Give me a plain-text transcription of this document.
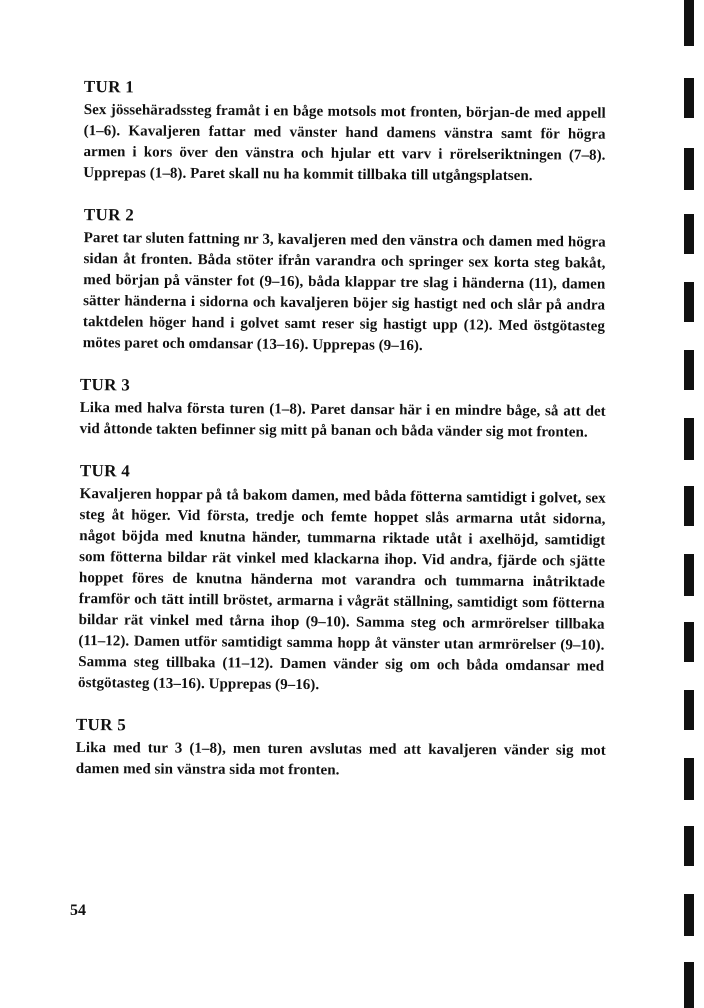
TUR 1

Sex jössehäradssteg framåt i en båge motsols mot fronten, början-de med appell (1–6). Kavaljeren fattar med vänster hand damens vänstra samt för högra armen i kors över den vänstra och hjular ett varv i rörelseriktningen (7–8). Upprepas (1–8). Paret skall nu ha kommit tillbaka till utgångsplatsen.

TUR 2

Paret tar sluten fattning nr 3, kavaljeren med den vänstra och damen med högra sidan åt fronten. Båda stöter ifrån varandra och springer sex korta steg bakåt, med början på vänster fot (9–16), båda klappar tre slag i händerna (11), damen sätter händerna i sidorna och kavaljeren böjer sig hastigt ned och slår på andra taktdelen höger hand i golvet samt reser sig hastigt upp (12). Med östgötasteg mötes paret och omdansar (13–16). Upprepas (9–16).

TUR 3

Lika med halva första turen (1–8). Paret dansar här i en mindre båge, så att det vid åttonde takten befinner sig mitt på banan och båda vänder sig mot fronten.

TUR 4

Kavaljeren hoppar på tå bakom damen, med båda fötterna samtidigt i golvet, sex steg åt höger. Vid första, tredje och femte hoppet slås armarna utåt sidorna, något böjda med knutna händer, tummarna riktade utåt i axelhöjd, samtidigt som fötterna bildar rät vinkel med klackarna ihop. Vid andra, fjärde och sjätte hoppet föres de knutna händerna mot varandra och tummarna inåtriktade framför och tätt intill bröstet, armarna i vågrät ställning, samtidigt som fötterna bildar rät vinkel med tårna ihop (9–10). Samma steg och armrörelser tillbaka (11–12). Damen utför samtidigt samma hopp åt vänster utan armrörelser (9–10). Samma steg tillbaka (11–12). Damen vänder sig om och båda omdansar med östgötasteg (13–16). Upprepas (9–16).

TUR 5

Lika med tur 3 (1–8), men turen avslutas med att kavaljeren vänder sig mot damen med sin vänstra sida mot fronten.

54
